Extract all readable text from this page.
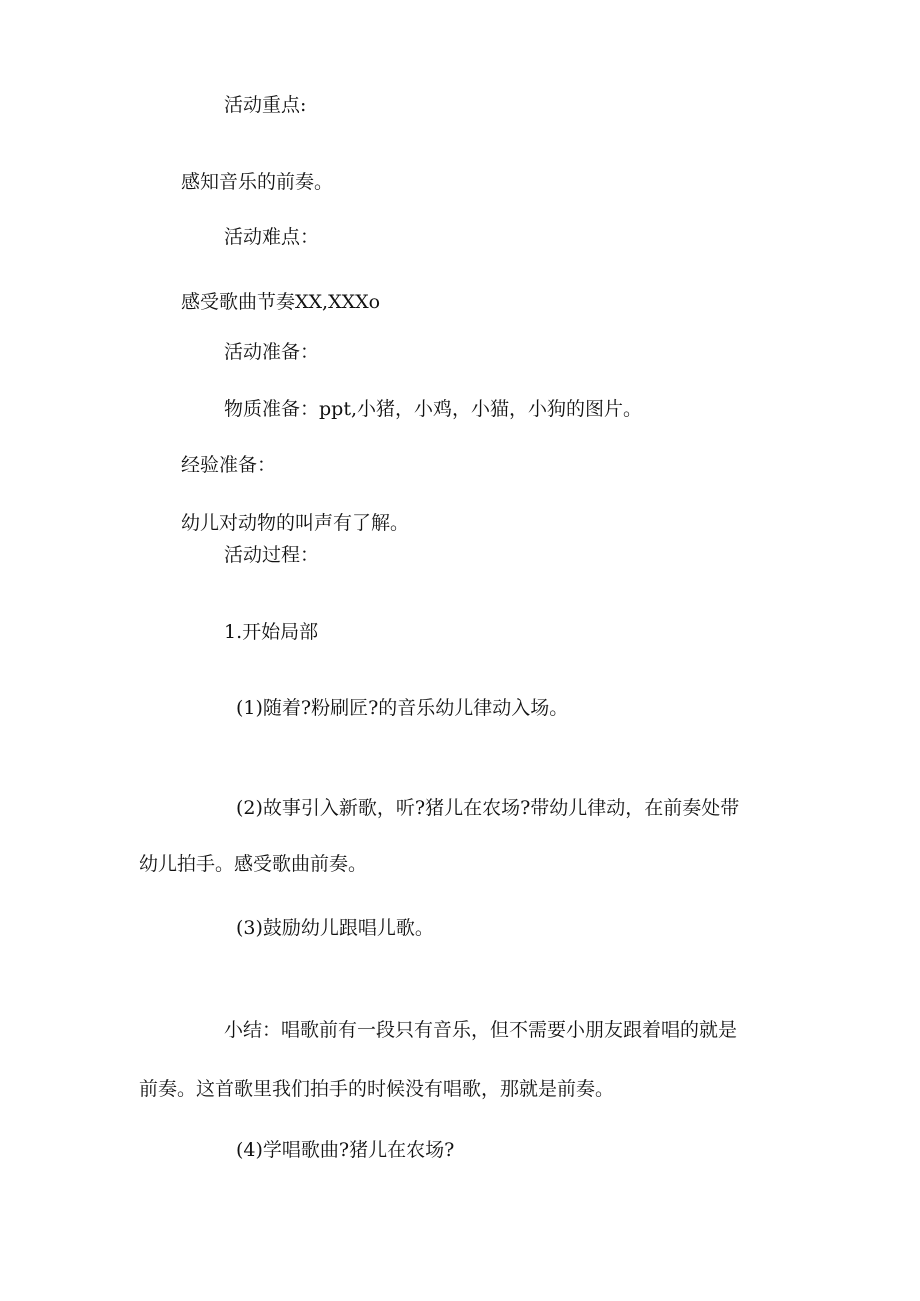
活动重点:

感知音乐的前奏。

活动难点：

感受歌曲节奏XX,XXXo

活动准备：

物质准备：ppt,小猪，小鸡，小猫，小狗的图片。

经验准备：

幼儿对动物的叫声有了解。

活动过程：

1.开始局部

(1)随着?粉刷匠?的音乐幼儿律动入场。

(2)故事引入新歌，听?猪儿在农场?带幼儿律动，在前奏处带

幼儿拍手。感受歌曲前奏。

(3)鼓励幼儿跟唱儿歌。

小结：唱歌前有一段只有音乐，但不需要小朋友跟着唱的就是

前奏。这首歌里我们拍手的时候没有唱歌，那就是前奏。

(4)学唱歌曲?猪儿在农场?
